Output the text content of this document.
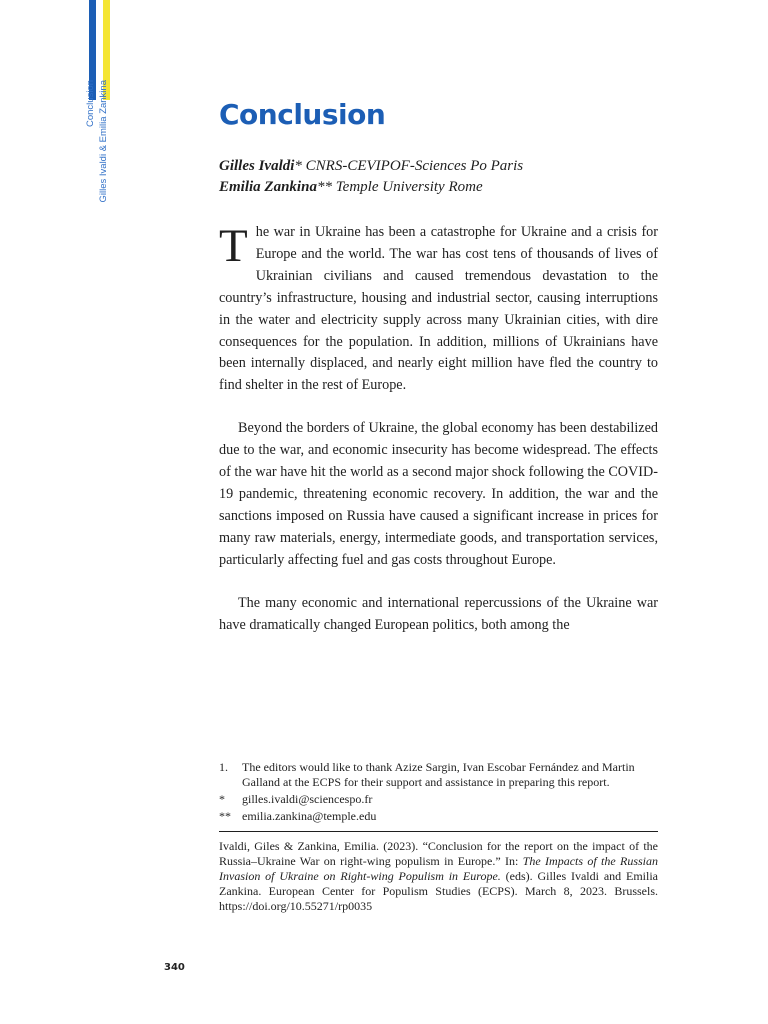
Conclusion Gilles Ivaldi & Emilia Zankina	Conclusion
Gilles Ivaldi* CNRS-CEVIPOF-Sciences Po Paris
Emilia Zankina** Temple University Rome

The war in Ukraine has been a catastrophe for Ukraine and a crisis for Europe and the world. The war has cost tens of thousands of lives of Ukrainian civilians and caused tremendous devastation to the country’s infrastructure, housing and industrial sector, causing interruptions in the water and electricity supply across many Ukrainian cities, with dire consequences for the population. In addition, millions of Ukrainians have been internally displaced, and nearly eight million have fled the country to find shelter in the rest of Europe.

Beyond the borders of Ukraine, the global economy has been destabilized due to the war, and economic insecurity has become widespread. The effects of the war have hit the world as a second major shock following the COVID-19 pandemic, threatening economic recovery. In addition, the war and the sanctions imposed on Russia have caused a significant increase in prices for many raw materials, energy, intermediate goods, and transportation services, particularly affecting fuel and gas costs throughout Europe.

The many economic and international repercussions of the Ukraine war have dramatically changed European politics, both among the

1.	The editors would like to thank Azize Sargin, Ivan Escobar Fernández and Martin Galland at the ECPS for their support and assistance in preparing this report.
*	gilles.ivaldi@sciencespo.fr
** emilia.zankina@temple.edu
Ivaldi, Giles & Zankina, Emilia. (2023). “Conclusion for the report on the impact of the Russia–Ukraine War on right-wing populism in Europe.” In: The Impacts of the Russian Invasion of Ukraine on Right-wing Populism in Europe. (eds). Gilles Ivaldi and Emilia Zankina. European Center for Populism Studies (ECPS). March 8, 2023. Brussels. https://doi.org/10.55271/rp0035
340
